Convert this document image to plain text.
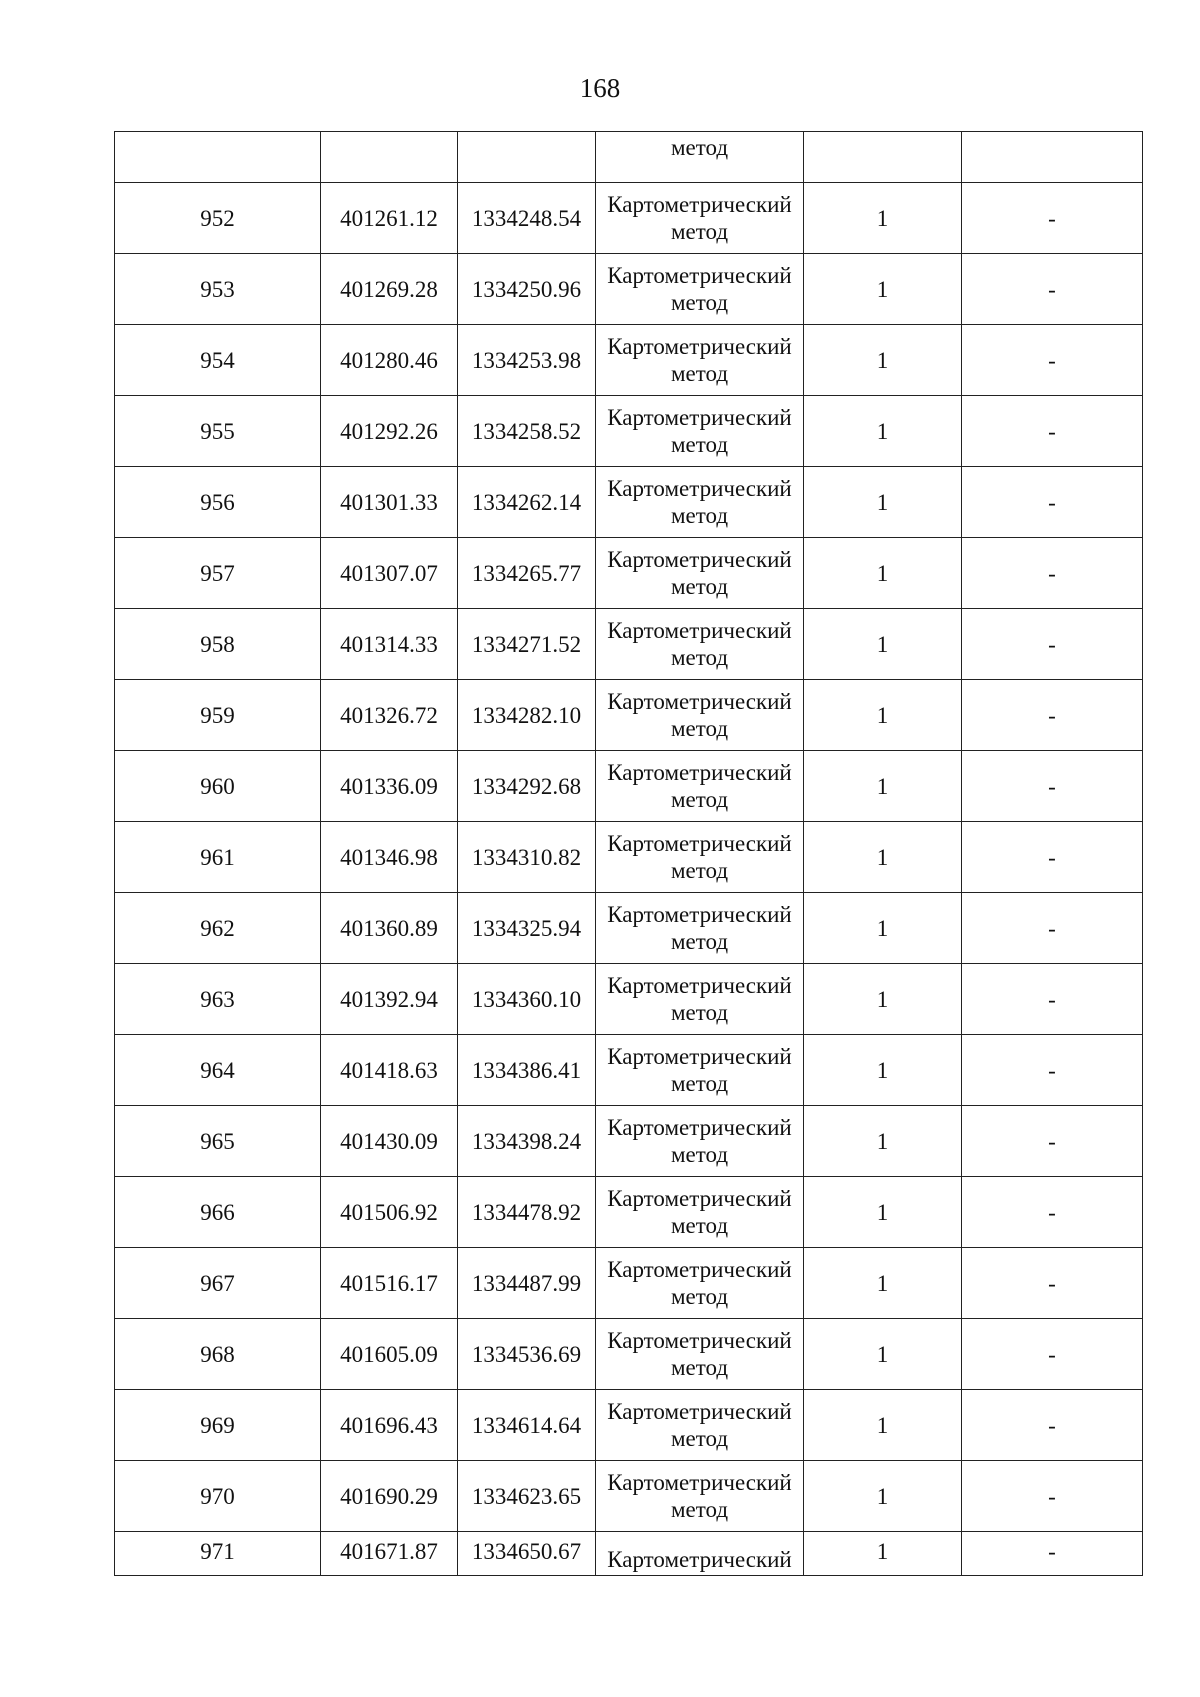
168

			метод		

952	401261.12	1334248.54	Картометрический
метод	1	-
953	401269.28	1334250.96	Картометрический
метод	1	-
954	401280.46	1334253.98	Картометрический
метод	1	-
955	401292.26	1334258.52	Картометрический
метод	1	-
956	401301.33	1334262.14	Картометрический
метод	1	-
957	401307.07	1334265.77	Картометрический
метод	1	-
958	401314.33	1334271.52	Картометрический
метод	1	-
959	401326.72	1334282.10	Картометрический
метод	1	-
960	401336.09	1334292.68	Картометрический
метод	1	-
961	401346.98	1334310.82	Картометрический
метод	1	-
962	401360.89	1334325.94	Картометрический
метод	1	-
963	401392.94	1334360.10	Картометрический
метод	1	-
964	401418.63	1334386.41	Картометрический
метод	1	-
965	401430.09	1334398.24	Картометрический
метод	1	-
966	401506.92	1334478.92	Картометрический
метод	1	-
967	401516.17	1334487.99	Картометрический
метод	1	-
968	401605.09	1334536.69	Картометрический
метод	1	-
969	401696.43	1334614.64	Картометрический
метод	1	-
970	401690.29	1334623.65	Картометрический
метод	1	-
971	401671.87	1334650.67	Картометрический	1	-
